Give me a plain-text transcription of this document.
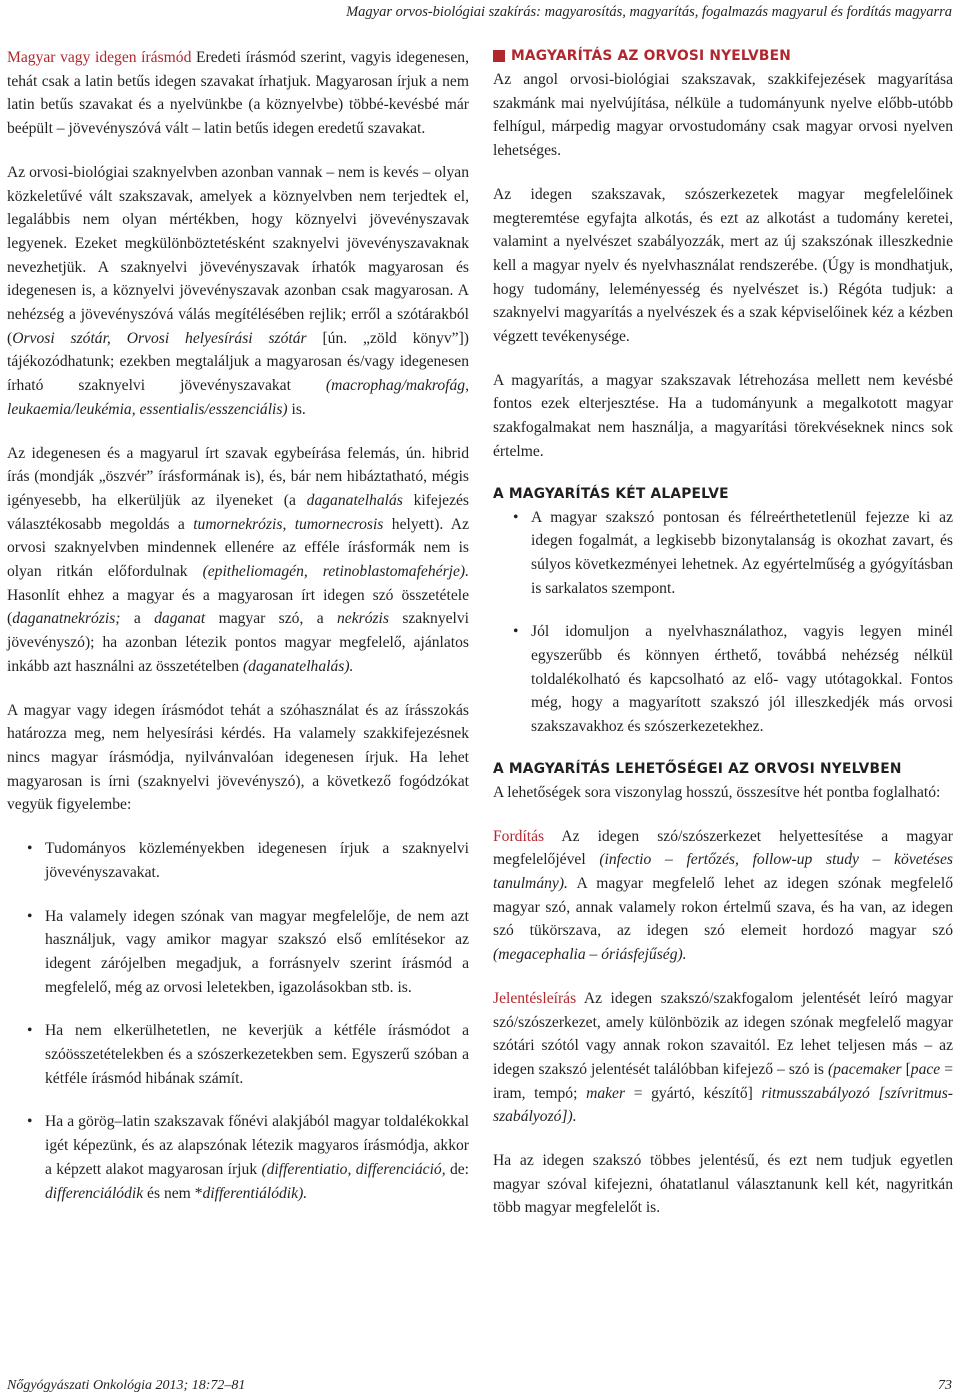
Magyar orvos-biológiai szakírás: magyarosítás, magyarítás, fogalmazás magyarul és fordítás magyarra

Magyar vagy idegen írásmód Eredeti írásmód szerint, vagyis idegenesen, tehát csak a latin betűs idegen szavakat írhatjuk. Magyarosan írjuk a nem latin betűs szavakat és a nyelvünkbe (a köznyelvbe) többé-kevésbé már beépült – jövevényszóvá vált – latin betűs idegen eredetű szavakat.

Az orvosi-biológiai szaknyelvben azonban vannak – nem is kevés – olyan közkeletűvé vált szakszavak, amelyek a köznyelvben nem terjedtek el, legalábbis nem olyan mértékben, hogy köznyelvi jövevényszavak legyenek. Ezeket megkülönböztetésként szaknyelvi jövevényszavaknak nevezhetjük. A szaknyelvi jövevényszavak írhatók magyarosan és idegenesen is, a köznyelvi jövevényszavak azonban csak magyarosan. A nehézség a jövevényszóvá válás megítélésében rejlik; erről a szótárakból (Orvosi szótár, Orvosi helyesírási szótár [ún. „zöld könyv”]) tájékozódhatunk; ezekben megtaláljuk a magyarosan és/vagy idegenesen írható szaknyelvi jövevényszavakat (macrophag/makrofág, leukaemia/leukémia, essentialis/esszenciális) is.

Az idegenesen és a magyarul írt szavak egybeírása felemás, ún. hibrid írás (mondják „öszvér” írásformának is), és, bár nem hibáztatható, mégis igényesebb, ha elkerüljük az ilyeneket (a daganatelhalás kifejezés választékosabb megoldás a tumornekrózis, tumornecrosis helyett). Az orvosi szaknyelvben mindennek ellenére az efféle írásformák nem is olyan ritkán előfordulnak (epitheliomagén, retinoblastomafehérje). Hasonlít ehhez a magyar és a magyarosan írt idegen szó összetétele (daganatnekrózis; a daganat magyar szó, a nekrózis szaknyelvi jövevényszó); ha azonban létezik pontos magyar megfelelő, ajánlatos inkább azt használni az összetételben (daganatelhalás).

A magyar vagy idegen írásmódot tehát a szóhasználat és az írásszokás határozza meg, nem helyesírási kérdés. Ha valamely szakkifejezésnek nincs magyar írásmódja, nyilvánvalóan idegenesen írjuk. Ha lehet magyarosan is írni (szaknyelvi jövevényszó), a következő fogódzókat vegyük figyelembe:

• Tudományos közleményekben idegenesen írjuk a szaknyelvi jövevényszavakat.
• Ha valamely idegen szónak van magyar megfelelője, de nem azt használjuk, vagy amikor magyar szakszó első említésekor az idegent zárójelben megadjuk, a forrásnyelv szerint írásmód a megfelelő, még az orvosi leletekben, igazolásokban stb. is.
• Ha nem elkerülhetetlen, ne keverjük a kétféle írásmódot a szóösszetételekben és a szószerkezetekben sem. Egyszerű szóban a kétféle írásmód hibának számít.
• Ha a görög–latin szakszavak főnévi alakjából magyar toldalékokkal igét képezünk, és az alapszónak létezik magyaros írásmódja, akkor a képzett alakot magyarosan írjuk (differentiatio, differenciáció, de: differenciálódik és nem *differentiálódik).
MAGYARÍTÁS AZ ORVOSI NYELVBEN

Az angol orvosi-biológiai szakszavak, szakkifejezések magyarítása szakmánk mai nyelvújítása, nélküle a tudományunk nyelve előbb-utóbb felhígul, márpedig magyar orvostudomány csak magyar orvosi nyelven lehetséges.

Az idegen szakszavak, szószerkezetek magyar megfelelőinek megteremtése egyfajta alkotás, és ezt az alkotást a tudomány keretei, valamint a nyelvészet szabályozzák, mert az új szakszónak illeszkednie kell a magyar nyelv és nyelvhasználat rendszerébe. (Úgy is mondhatjuk, hogy tudomány, leleményesség és nyelvészet is.) Régóta tudjuk: a szaknyelvi magyarítás a nyelvészek és a szak képviselőinek kéz a kézben végzett tevékenysége.

A magyarítás, a magyar szakszavak létrehozása mellett nem kevésbé fontos ezek elterjesztése. Ha a tudományunk a megalkotott magyar szakfogalmakat nem használja, a magyarítási törekvéseknek nincs sok értelme.

A MAGYARÍTÁS KÉT ALAPELVE
• A magyar szakszó pontosan és félreérthetetlenül fejezze ki az idegen fogalmát, a legkisebb bizonytalanság is okozhat zavart, és súlyos következményei lehetnek. Az egyértelműség a gyógyításban is sarkalatos szempont.
• Jól idomuljon a nyelvhasználathoz, vagyis legyen minél egyszerűbb és könnyen érthető, továbbá nehézség nélkül toldalékolható és kapcsolható az elő- vagy utótagokkal. Fontos még, hogy a magyarított szakszó jól illeszkedjék más orvosi szakszavakhoz és szószerkezetekhez.
A MAGYARÍTÁS LEHETŐSÉGEI AZ ORVOSI NYELVBEN

A lehetőségek sora viszonylag hosszú, összesítve hét pontba foglalható:

Fordítás Az idegen szó/szószerkezet helyettesítése a magyar megfelelőjével (infectio – fertőzés, follow-up study – követéses tanulmány). A magyar megfelelő lehet az idegen szónak megfelelő magyar szó, annak valamely rokon értelmű szava, és ha van, az idegen szó tükörszava, az idegen szó elemeit hordozó magyar szó (megacephalia – óriásfejűség).

Jelentésleírás Az idegen szakszó/szakfogalom jelentését leíró magyar szó/szószerkezet, amely különbözik az idegen szónak megfelelő magyar szótári szótól vagy annak rokon szavaitól. Ez lehet teljesen más – az idegen szakszó jelentését találóbban kifejező – szó is (pacemaker [pace = iram, tempó; maker = gyártó, készítő] ritmusszabályozó [szívritmus-szabályozó]).

Ha az idegen szakszó többes jelentésű, és ezt nem tudjuk egyetlen magyar szóval kifejezni, óhatatlanul választanunk kell két, nagyritkán több magyar megfelelőt is.

Nőgyógyászati Onkológia 2013; 18:72–81	73
